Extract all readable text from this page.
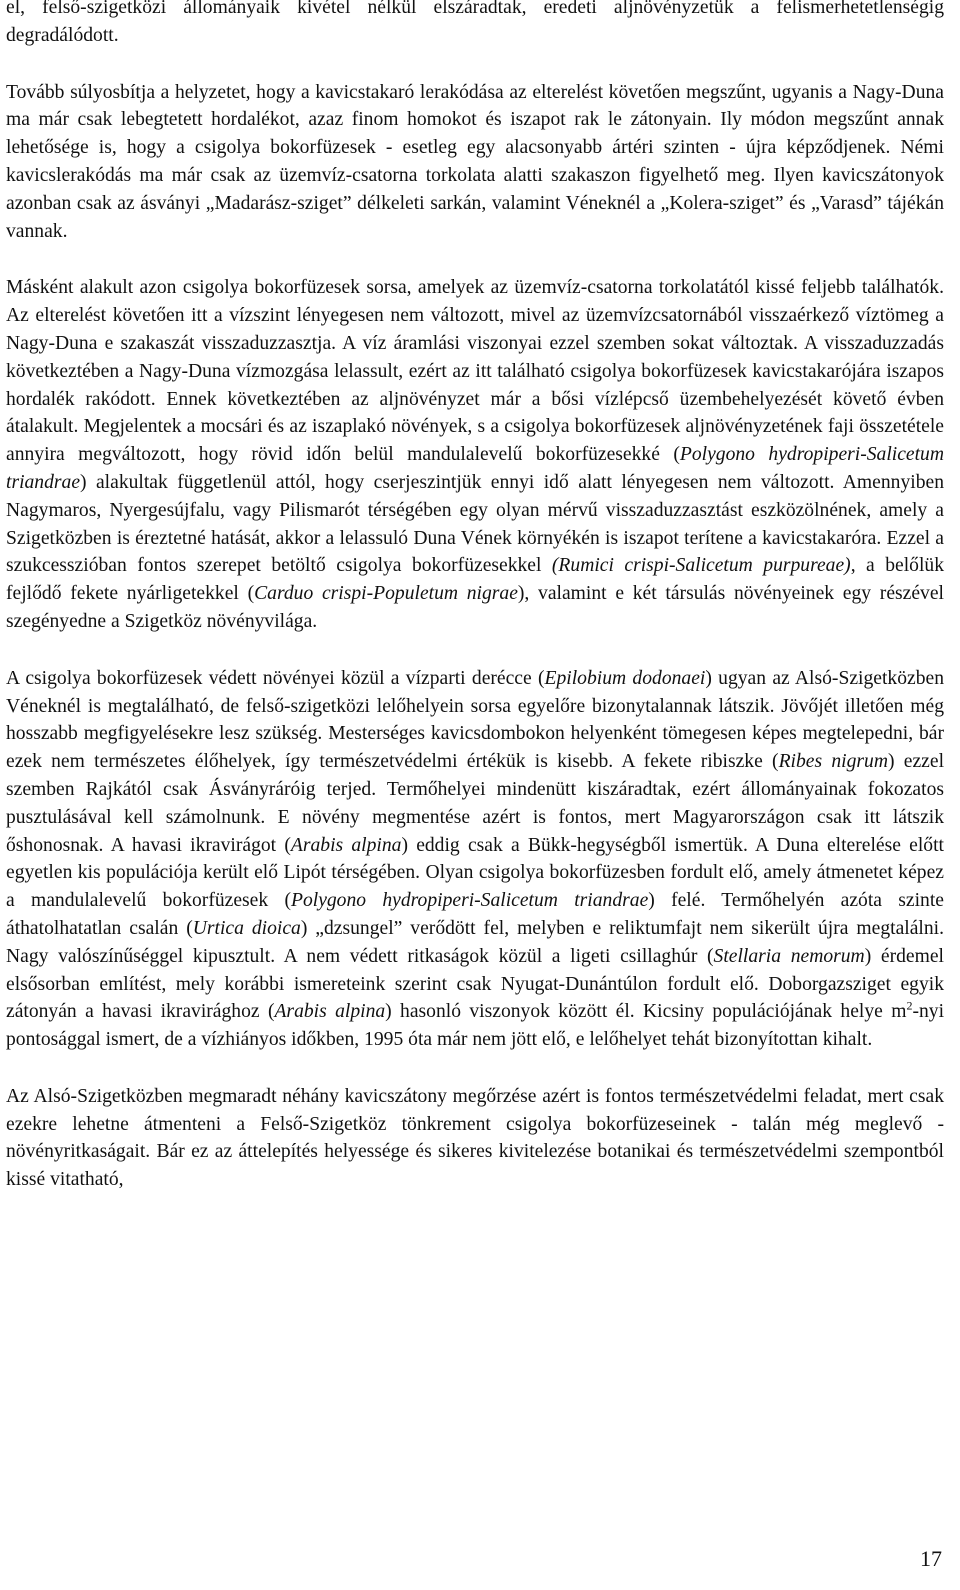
el, felső-szigetközi állományaik kivétel nélkül elszáradtak, eredeti aljnövényzetük a felismerhetetlenségig degradálódott.

Tovább súlyosbítja a helyzetet, hogy a kavicstakaró lerakódása az elterelést követően megszűnt, ugyanis a Nagy-Duna ma már csak lebegtetett hordalékot, azaz finom homokot és iszapot rak le zátonyain. Ily módon megszűnt annak lehetősége is, hogy a csigolya bokorfüzesek - esetleg egy alacsonyabb ártéri szinten - újra képződjenek. Némi kavicslerakódás ma már csak az üzemvíz-csatorna torkolata alatti szakaszon figyelhető meg. Ilyen kavicszátonyok azonban csak az ásványi „Madarász-sziget” délkeleti sarkán, valamint Véneknél a „Kolera-sziget” és „Varasd” tájékán vannak.

Másként alakult azon csigolya bokorfüzesek sorsa, amelyek az üzemvíz-csatorna torkolatától kissé feljebb találhatók. Az elterelést követően itt a vízszint lényegesen nem változott, mivel az üzemvízcsatornából visszaérkező víztömeg a Nagy-Duna e szakaszát visszaduzzasztja. A víz áramlási viszonyai ezzel szemben sokat változtak. A visszaduzzadás következtében a Nagy-Duna vízmozgása lelassult, ezért az itt található csigolya bokorfüzesek kavicstakarójára iszapos hordalék rakódott. Ennek következtében az aljnövényzet már a bősi vízlépcső üzembehelyezését követő évben átalakult. Megjelentek a mocsári és az iszaplakó növények, s a csigolya bokorfüzesek aljnövényzetének faji összetétele annyira megváltozott, hogy rövid időn belül mandulalevelű bokorfüzesekké (Polygono hydropiperi-Salicetum triandrae) alakultak függetlenül attól, hogy cserjeszintjük ennyi idő alatt lényegesen nem változott. Amennyiben Nagymaros, Nyergesújfalu, vagy Pilismarót térségében egy olyan mérvű visszaduzzasztást eszközölnének, amely a Szigetközben is éreztetné hatását, akkor a lelassuló Duna Vének környékén is iszapot terítene a kavicstakaróra. Ezzel a szukcesszióban fontos szerepet betöltő csigolya bokorfüzesekkel (Rumici crispi-Salicetum purpureae), a belőlük fejlődő fekete nyárligetekkel (Carduo crispi-Populetum nigrae), valamint e két társulás növényeinek egy részével szegényedne a Szigetköz növényvilága.

A csigolya bokorfüzesek védett növényei közül a vízparti derécce (Epilobium dodonaei) ugyan az Alsó-Szigetközben Véneknél is megtalálható, de felső-szigetközi lelőhelyein sorsa egyelőre bizonytalannak látszik. Jövőjét illetően még hosszabb megfigyelésekre lesz szükség. Mesterséges kavicsdombokon helyenként tömegesen képes megtelepedni, bár ezek nem természetes élőhelyek, így természetvédelmi értékük is kisebb. A fekete ribiszke (Ribes nigrum) ezzel szemben Rajkától csak Ásványráróig terjed. Termőhelyei mindenütt kiszáradtak, ezért állományainak fokozatos pusztulásával kell számolnunk. E növény megmentése azért is fontos, mert Magyarországon csak itt látszik őshonosnak. A havasi ikravirágot (Arabis alpina) eddig csak a Bükk-hegységből ismertük. A Duna elterelése előtt egyetlen kis populációja került elő Lipót térségében. Olyan csigolya bokorfüzesben fordult elő, amely átmenetet képez a mandulalevelű bokorfüzesek (Polygono hydropiperi-Salicetum triandrae) felé. Termőhelyén azóta szinte áthatolhatatlan csalán (Urtica dioica) „dzsungel” verődött fel, melyben e reliktumfajt nem sikerült újra megtalálni. Nagy valószínűséggel kipusztult. A nem védett ritkaságok közül a ligeti csillaghúr (Stellaria nemorum) érdemel elsősorban említést, mely korábbi ismereteink szerint csak Nyugat-Dunántúlon fordult elő. Doborgazsziget egyik zátonyán a havasi ikravirághoz (Arabis alpina) hasonló viszonyok között él. Kicsiny populációjának helye $m^2$-nyi pontosággal ismert, de a vízhiányos időkben, 1995 óta már nem jött elő, e lelőhelyet tehát bizonyítottan kihalt.

Az Alsó-Szigetközben megmaradt néhány kavicszátony megőrzése azért is fontos természetvédelmi feladat, mert csak ezekre lehetne átmenteni a Felső-Szigetköz tönkrement csigolya bokorfüzeseinek - talán még meglevő - növényritkaságait. Bár ez az áttelepítés helyessége és sikeres kivitelezése botanikai és természetvédelmi szempontból kissé vitatható,

17
